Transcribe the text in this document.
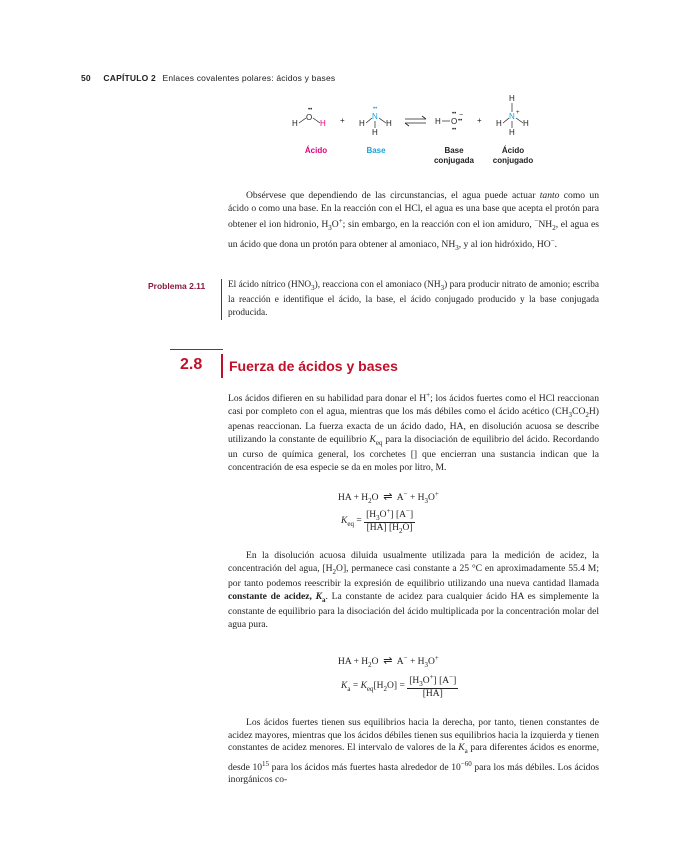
50 CAPÍTULO 2 Enlaces covalentes polares: ácidos y bases
H
O
••
H + H
N
••
H
H
H O
••
••
••
−
+
H
H
N +
H
H
Ácido	Base	Base
conjugada
Ácido
conjugado
Obsérvese que dependiendo de las circunstancias, el agua puede actuar tanto como un ácido o como una base. En la reacción con el HCl, el agua es una base que acepta el protón para obtener el ion hidronio, $H_3O^+$; sin embargo, en la reacción con el ion amiduro, $^-NH_2$, el agua es un ácido que dona un protón para obtener al amoniaco, $NH_3$, y al ion hidróxido, HO−.
Problema 2.11 El ácido nítrico $(HNO_3)$, reacciona con el amoniaco $(NH_3)$ para producir nitrato de amonio; escriba la reacción e identifique el ácido, la base, el ácido conjugado producido y la base conjugada producida.
2.8 Fuerza de ácidos y bases
Los ácidos difieren en su habilidad para donar el H+; los ácidos fuertes como el HCl reaccionan casi por completo con el agua, mientras que los más débiles como el ácido acético $(CH_3CO_2H)$ apenas reaccionan. La fuerza exacta de un ácido dado, HA, en disolución acuosa se describe utilizando la constante de equilibrio $K_{eq}$ para la disociación de equilibrio del ácido. Recordando un curso de química general, los corchetes [] que encierran una sustancia indican que la concentración de esa especie se da en moles por litro, M.
HA + $H_2O$  ⇌  $A^- + H_3O^+$
$K_{eq} = \frac{[H_3O^+] [A^-]}{[HA] [H_2O]}$
En la disolución acuosa diluida usualmente utilizada para la medición de acidez, la concentración del agua, $[H_2O]$, permanece casi constante a 25 °C en aproximadamente 55.4 M; por tanto podemos reescribir la expresión de equilibrio utilizando una nueva cantidad llamada constante de acidez, $K_a$. La constante de acidez para cualquier ácido HA es simplemente la constante de equilibrio para la disociación del ácido multiplicada por la concentración molar del agua pura.
HA + $H_2O$  ⇌  $A^- + H_3O^+$
$K_a = K_{eq}[H_2O] = \frac{[H_3O^+] [A^-]}{[HA]}$
Los ácidos fuertes tienen sus equilibrios hacia la derecha, por tanto, tienen constantes de acidez mayores, mientras que los ácidos débiles tienen sus equilibrios hacia la izquierda y tienen constantes de acidez menores. El intervalo de valores de la $K_a$ para diferentes ácidos es enorme, desde $10^{15}$ para los ácidos más fuertes hasta alrededor de $10^{-60}$ para los más débiles. Los ácidos inorgánicos co-
